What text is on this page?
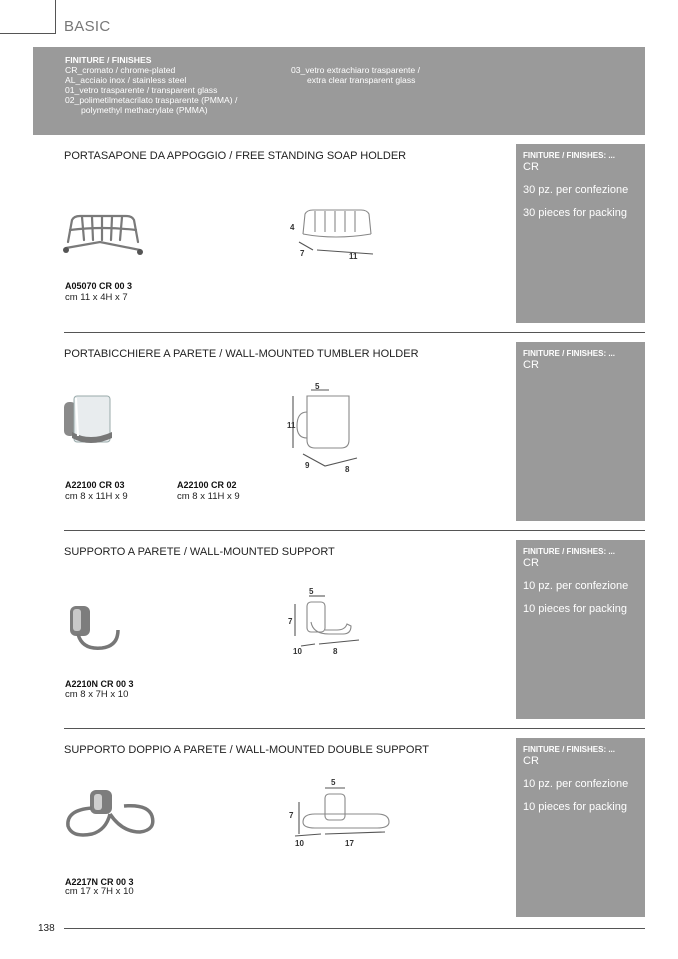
BASIC
FINITURE / FINISHES
CR_cromato / chrome-plated
AL_acciaio inox / stainless steel
01_vetro trasparente / transparent glass
02_polimetilmetacrilato trasparente (PMMA) /
polymethyl methacrylate (PMMA)
03_vetro extrachiaro trasparente /
extra clear transparent glass
PORTASAPONE DA APPOGGIO / FREE STANDING SOAP HOLDER	FINITURE / FINISHES: ...
CR
30 pz. per confezione
30 pieces for packing
4
7	11
A05070 CR 00 3
cm 11 x 4H x 7
PORTABICCHIERE A PARETE / WALL-MOUNTED TUMBLER HOLDER	FINITURE / FINISHES: ...
CR
5
11
9	8
A22100 CR 03
cm 8 x 11H x 9
A22100 CR 02
cm 8 x 11H x 9
SUPPORTO A PARETE / WALL-MOUNTED SUPPORT	FINITURE / FINISHES: ...
CR
10 pz. per confezione
10 pieces for packing
5
7
10	8
A2210N CR 00 3
cm 8 x 7H x 10
SUPPORTO DOPPIO A PARETE / WALL-MOUNTED DOUBLE SUPPORT	FINITURE / FINISHES: ...
CR
10 pz. per confezione
10 pieces for packing
5
7
10	17
A2217N CR 00 3
cm 17 x 7H x 10
138
